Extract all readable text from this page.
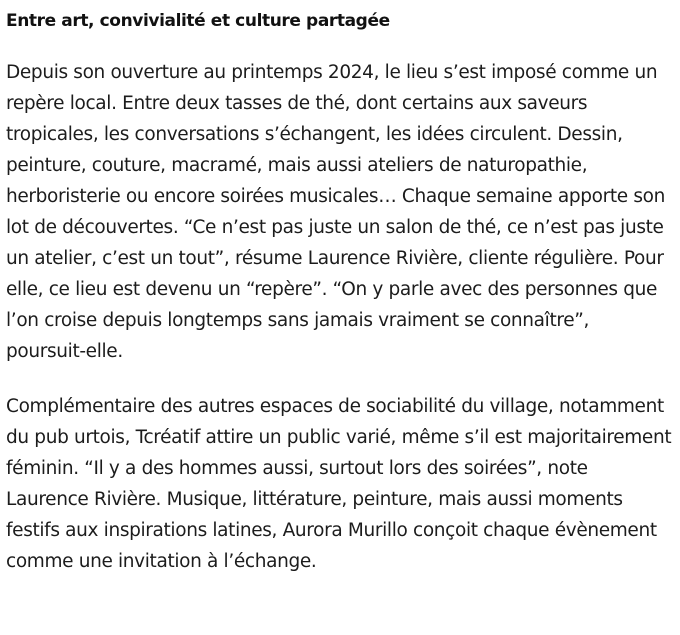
Entre art, convivialité et culture partagée

Depuis son ouverture au printemps 2024, le lieu s’est imposé comme un repère local. Entre deux tasses de thé, dont certains aux saveurs tropicales, les conversations s’échangent, les idées circulent. Dessin, peinture, couture, macramé, mais aussi ateliers de naturopathie, herboristerie ou encore soirées musicales… Chaque semaine apporte son lot de découvertes. “Ce n’est pas juste un salon de thé, ce n’est pas juste un atelier, c’est un tout”, résume Laurence Rivière, cliente régulière. Pour elle, ce lieu est devenu un “repère”. “On y parle avec des personnes que l’on croise depuis longtemps sans jamais vraiment se connaître”, poursuit-elle.

Complémentaire des autres espaces de sociabilité du village, notamment du pub urtois, Tcréatif attire un public varié, même s’il est majoritairement féminin. “Il y a des hommes aussi, surtout lors des soirées”, note Laurence Rivière. Musique, littérature, peinture, mais aussi moments festifs aux inspirations latines, Aurora Murillo conçoit chaque évènement comme une invitation à l’échange.
